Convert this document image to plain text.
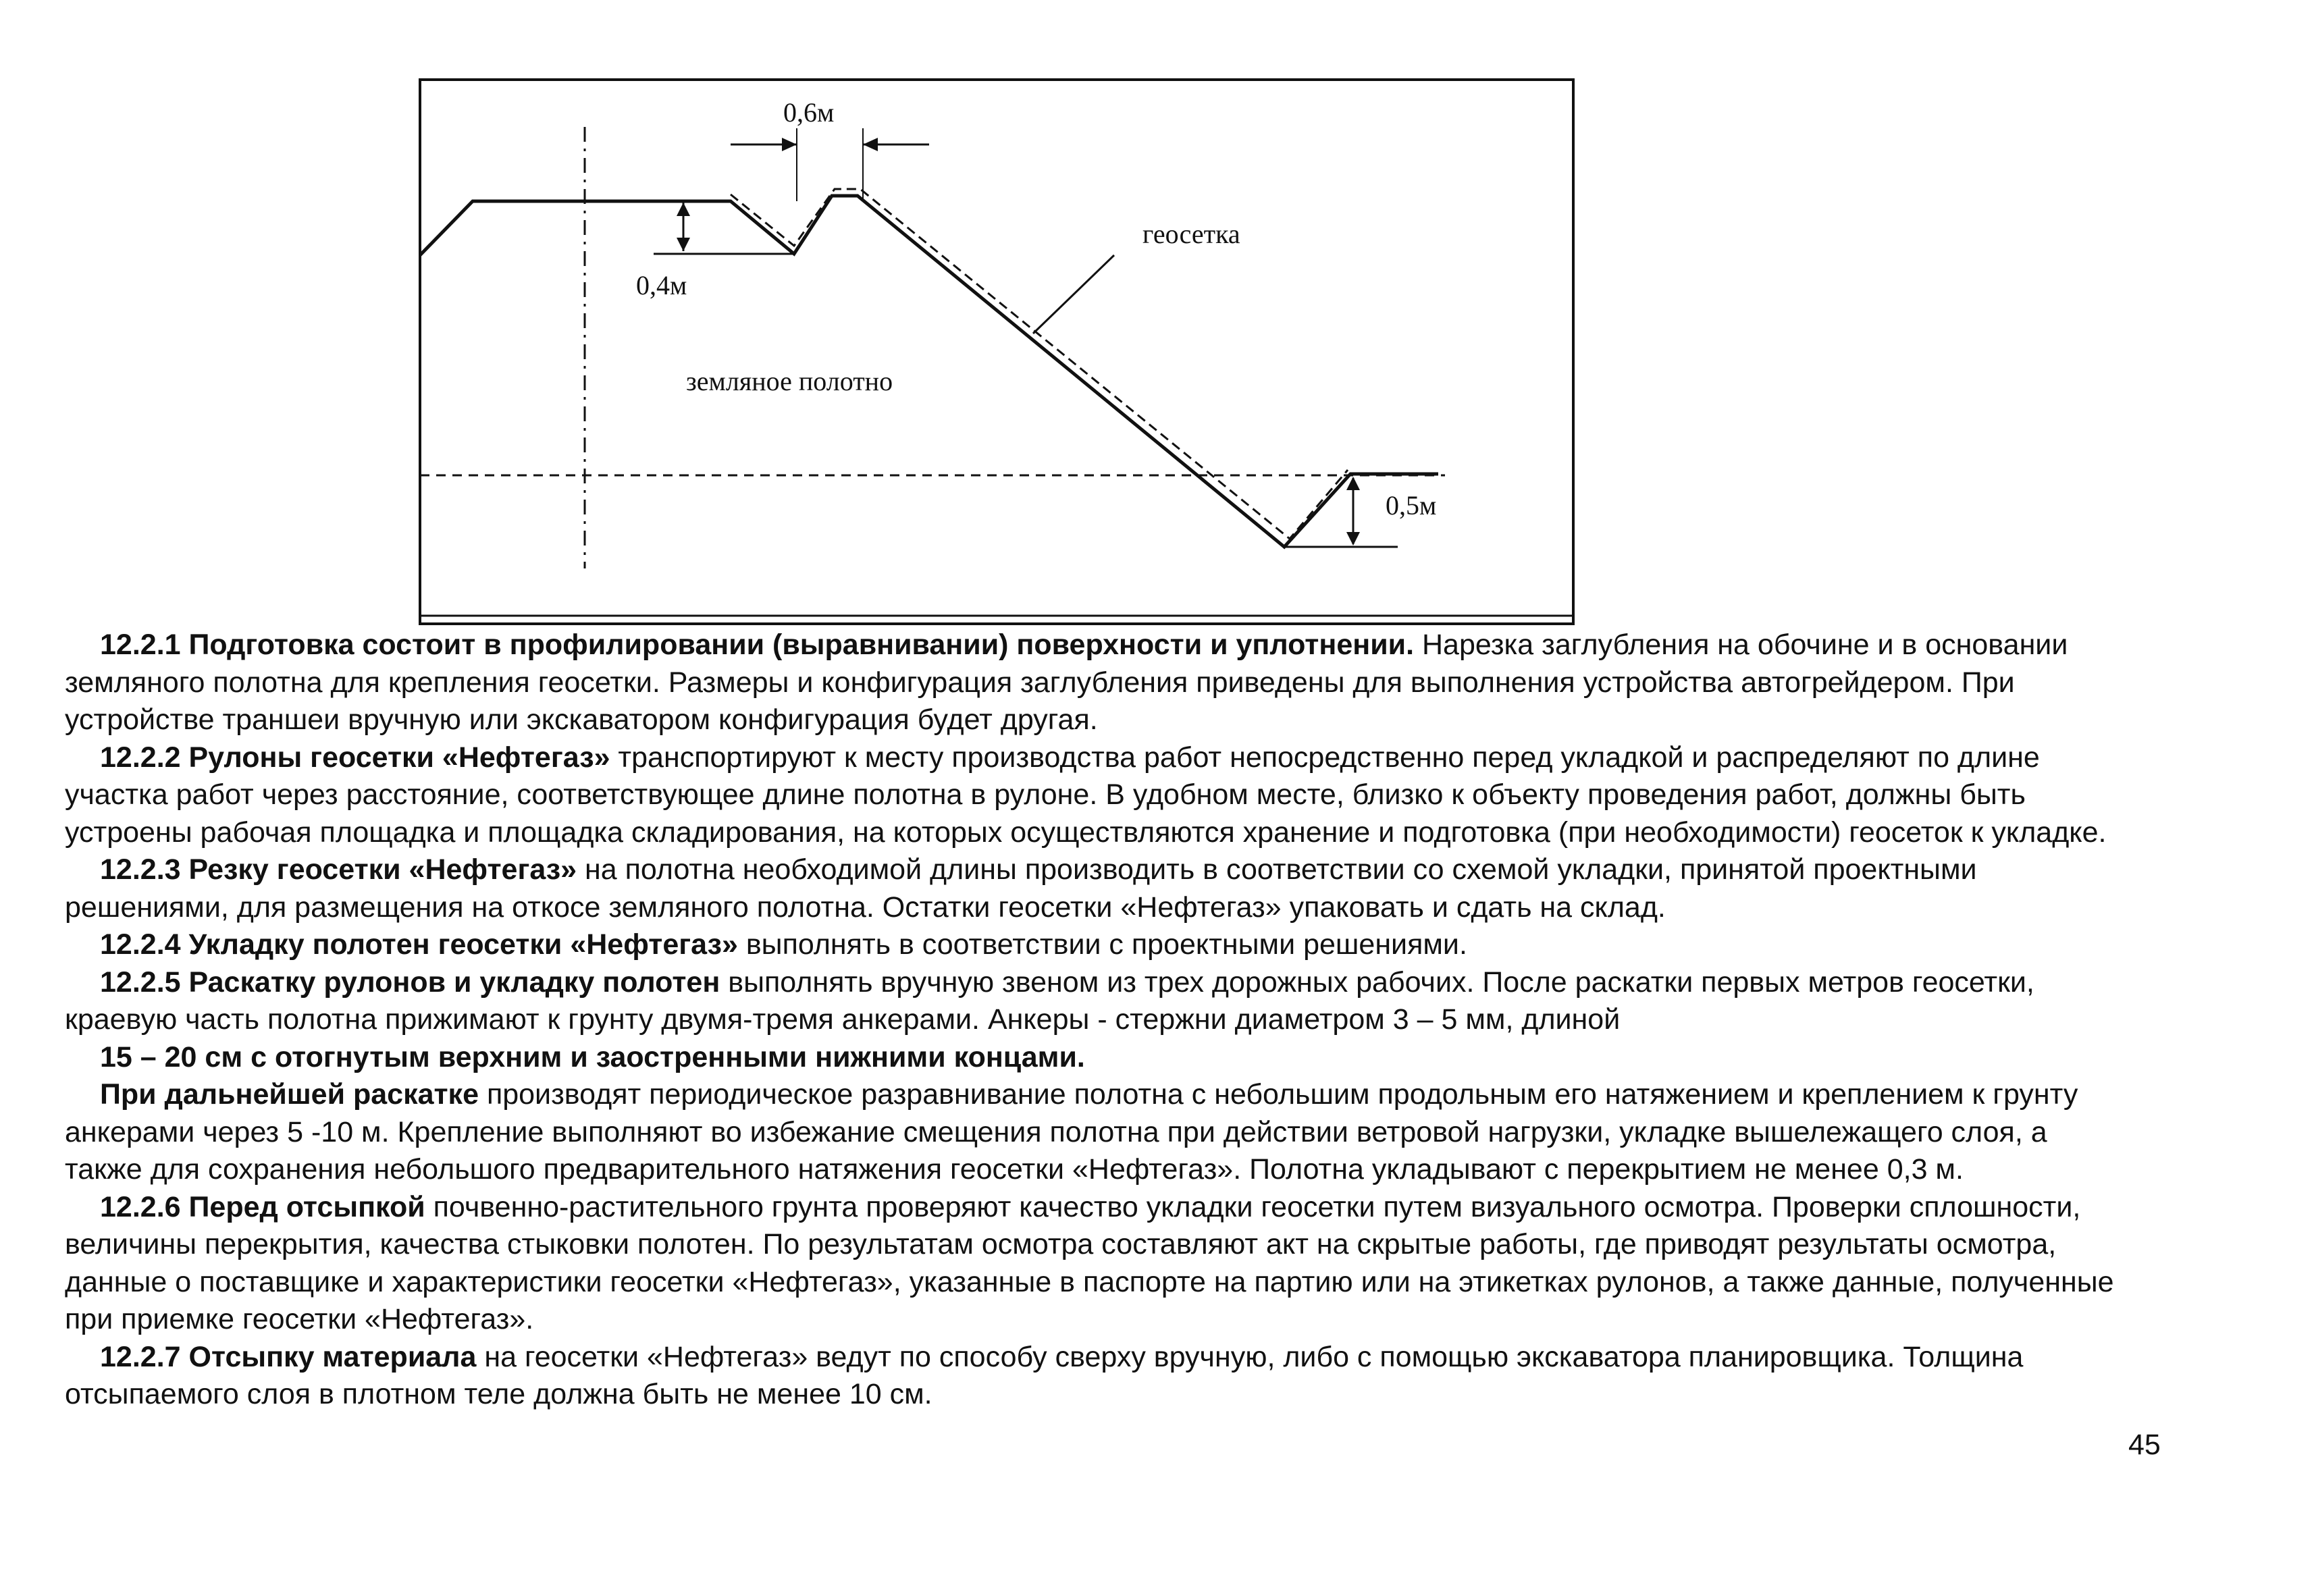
0,6м
0,4м
0,5м
геосетка
земляное полотно

12.2.1 Подготовка состоит в профилировании (выравнивании) поверхности и уплотнении. Нарезка заглубления на обочине и в основании земляного полотна для крепления геосетки. Размеры и конфигурация заглубления приведены для выполнения устройства автогрейдером. При устройстве траншеи вручную или экскаватором конфигурация будет другая.

12.2.2 Рулоны геосетки «Нефтегаз» транспортируют к месту производства работ непосредственно перед укладкой и распределяют по длине участка работ через расстояние, соответствующее длине полотна в рулоне. В удобном месте, близко к объекту проведения работ, должны быть устроены рабочая площадка и площадка складирования, на которых осуществляются хранение и подготовка (при необходимости) геосеток к укладке.

12.2.3 Резку геосетки «Нефтегаз» на полотна необходимой длины производить в соответствии со схемой укладки, принятой проектными решениями, для размещения на откосе земляного полотна. Остатки геосетки «Нефтегаз» упаковать и сдать на склад.

12.2.4 Укладку полотен геосетки «Нефтегаз» выполнять в соответствии с проектными решениями.

12.2.5 Раскатку рулонов и укладку полотен выполнять вручную звеном из трех дорожных рабочих. После раскатки первых метров геосетки, краевую часть полотна прижимают к грунту двумя-тремя анкерами. Анкеры - стержни диаметром 3 – 5 мм, длиной

15 – 20 см с отогнутым верхним и заостренными нижними концами.

При дальнейшей раскатке производят периодическое разравнивание полотна с небольшим продольным его натяжением и креплением к грунту анкерами через 5 -10 м. Крепление выполняют во избежание смещения полотна при действии ветровой нагрузки, укладке вышележащего слоя, а также для сохранения небольшого предварительного натяжения геосетки «Нефтегаз». Полотна укладывают с перекрытием не менее 0,3 м.

12.2.6 Перед отсыпкой почвенно-растительного грунта проверяют качество укладки геосетки путем визуального осмотра. Проверки сплошности, величины перекрытия, качества стыковки полотен. По результатам осмотра составляют акт на скрытые работы, где приводят результаты осмотра, данные о поставщике и характеристики геосетки «Нефтегаз», указанные в паспорте на партию или на этикетках рулонов, а также данные, полученные при приемке геосетки «Нефтегаз».

12.2.7 Отсыпку материала на геосетки «Нефтегаз» ведут по способу сверху вручную, либо с помощью экскаватора планировщика. Толщина отсыпаемого слоя в плотном теле должна быть не менее 10 см.

45
